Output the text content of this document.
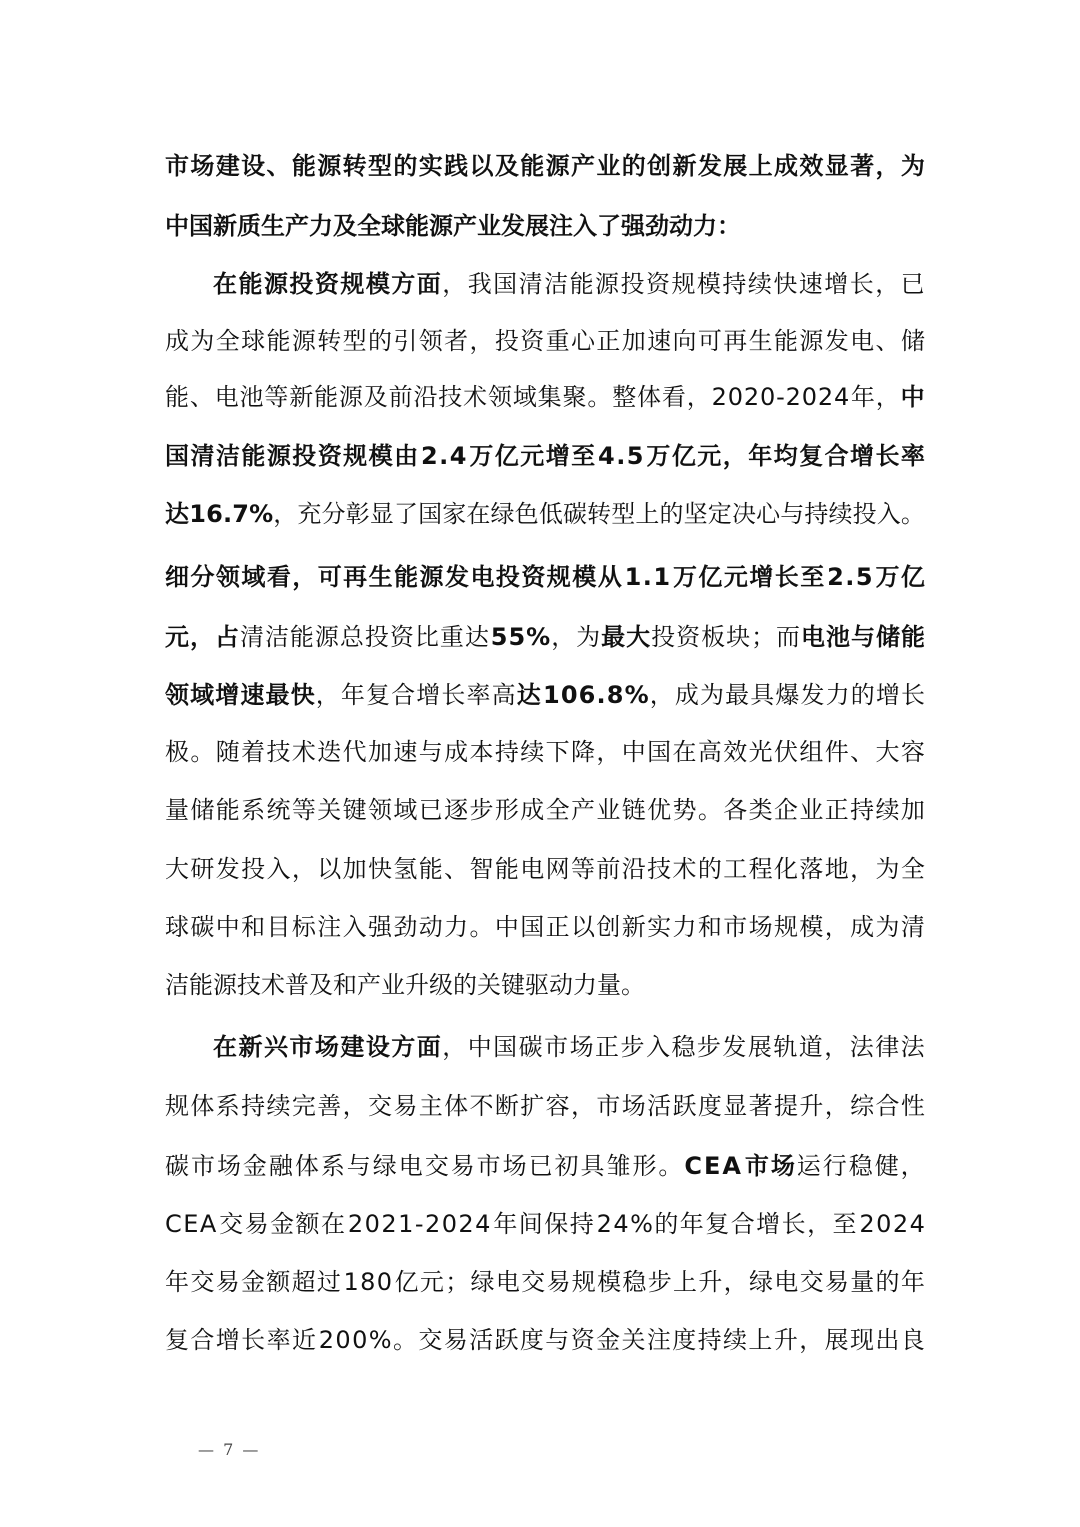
市 场 建 设 、 能 源 转 型 的 实 践 以 及 能 源 产 业 的 创 新 发 展 上 成 效 显 著 ， 为
中 国 新 质 生 产 力 及 全 球 能 源 产 业 发 展 注 入 了 强 劲 动 力 ：
在 能 源 投 资 规 模 方 面 ， 我 国 清 洁 能 源 投 资 规 模 持 续 快 速 增 长 ， 已
成 为 全 球 能 源 转 型 的 引 领 者 ， 投 资 重 心 正 加 速 向 可 再 生 能 源 发 电 、 储
能 、 电 池 等 新 能 源 及 前 沿 技 术 领 域 集 聚 。 整 体 看 ， 2 0 2 0 - 2 0 2 4 年 ， 中
国 清 洁 能 源 投 资 规 模 由 2 . 4 万 亿 元 增 至 4 . 5 万 亿 元 ， 年 均 复 合 增 长 率
达 1 6 . 7 % ， 充 分 彰 显 了 国 家 在 绿 色 低 碳 转 型 上 的 坚 定 决 心 与 持 续 投 入 。
细 分 领 域 看 ， 可 再 生 能 源 发 电 投 资 规 模 从 1 . 1 万 亿 元 增 长 至 2 . 5 万 亿
元 ， 占 清 洁 能 源 总 投 资 比 重 达 5 5 % ， 为 最 大 投 资 板 块 ； 而 电 池 与 储 能
领 域 增 速 最 快 ， 年 复 合 增 长 率 高 达 1 0 6 . 8 % ， 成 为 最 具 爆 发 力 的 增 长
极 。 随 着 技 术 迭 代 加 速 与 成 本 持 续 下 降 ， 中 国 在 高 效 光 伏 组 件 、 大 容
量 储 能 系 统 等 关 键 领 域 已 逐 步 形 成 全 产 业 链 优 势 。 各 类 企 业 正 持 续 加
大 研 发 投 入 ， 以 加 快 氢 能 、 智 能 电 网 等 前 沿 技 术 的 工 程 化 落 地 ， 为 全
球 碳 中 和 目 标 注 入 强 劲 动 力 。 中 国 正 以 创 新 实 力 和 市 场 规 模 ， 成 为 清
洁 能 源 技 术 普 及 和 产 业 升 级 的 关 键 驱 动 力 量 。
在 新 兴 市 场 建 设 方 面 ， 中 国 碳 市 场 正 步 入 稳 步 发 展 轨 道 ， 法 律 法
规 体 系 持 续 完 善 ， 交 易 主 体 不 断 扩 容 ， 市 场 活 跃 度 显 著 提 升 ， 综 合 性
碳 市 场 金 融 体 系 与 绿 电 交 易 市 场 已 初 具 雏 形 。 C E A 市 场 运 行 稳 健 ，
C E A 交 易 金 额 在 2 0 2 1 - 2 0 2 4 年 间 保 持 2 4 % 的 年 复 合 增 长 ， 至 2 0 2 4
年 交 易 金 额 超 过 1 8 0 亿 元 ； 绿 电 交 易 规 模 稳 步 上 升 ， 绿 电 交 易 量 的 年
复 合 增 长 率 近 2 0 0 % 。 交 易 活 跃 度 与 资 金 关 注 度 持 续 上 升 ， 展 现 出 良
— 7 —
